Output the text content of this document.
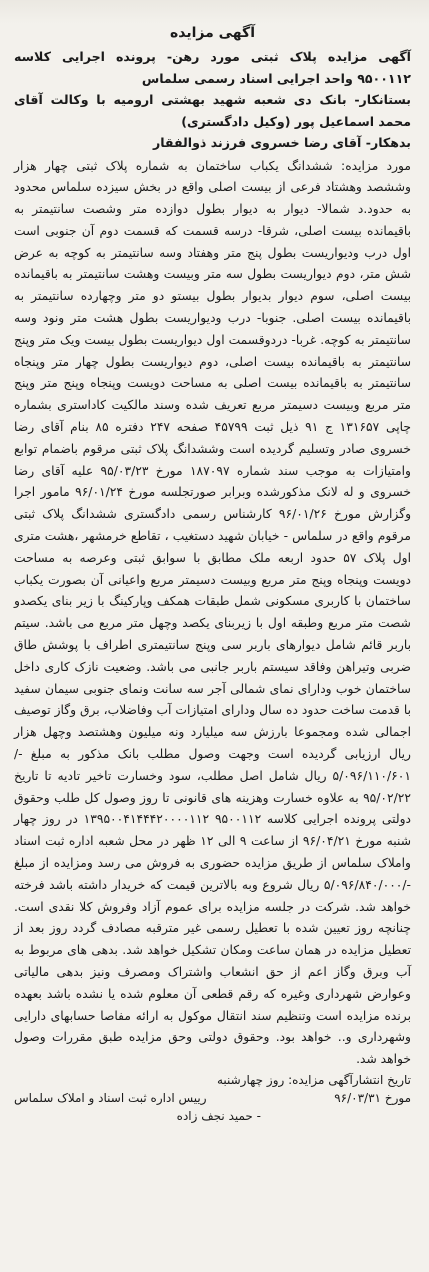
آگهی مزایده
آگهی مزایده پلاک ثبتی مورد رهن- پرونده اجرایی کلاسه ۹۵۰۰۱۱۲ واحد اجرایی اسناد رسمی سلماس
بستانکار- بانک دی شعبه شهید بهشتی ارومیه با وکالت آقای محمد اسماعیل پور (وکیل دادگستری)
بدهکار- آقای رضا خسروی فرزند ذوالفقار
مورد مزایده: ششدانگ یکباب ساختمان به شماره پلاک ثبتی چهار هزار وششصد وهشتاد فرعی از بیست اصلی واقع در بخش سیزده سلماس محدود به حدود.د شمالا- دیوار به دیوار بطول دوازده متر وشصت سانتیمتر به باقیمانده بیست اصلی، شرقا- درسه قسمت که قسمت دوم آن جنوبی است اول درب ودیواریست بطول پنج متر وهفتاد وسه سانتیمتر به کوچه به عرض شش متر، دوم دیواریست بطول سه متر وبیست وهشت سانتیمتر به باقیمانده بیست اصلی، سوم دیوار بدیوار بطول بیستو دو متر وچهارده سانتیمتر به باقیمانده بیست اصلی. جنوبا- درب ودیواریست بطول هشت متر ونود وسه سانتیمتر به کوچه. غربا- دردوقسمت اول دیواریست بطول بیست ویک متر وپنج سانتیمتر به باقیمانده بیست اصلی، دوم دیواریست بطول چهار متر وپنجاه سانتیمتر به باقیمانده بیست اصلی به مساحت دویست وپنجاه وپنج متر وپنج متر مربع وبیست دسیمتر مربع تعریف شده وسند مالکیت کاداستری بشماره چاپی ۱۳۱۶۵۷ ج ۹۱ ذیل ثبت ۴۵۷۹۹ صفحه ۲۴۷ دفتره ۸۵ بنام آقای رضا خسروی صادر وتسلیم گردیده است وششدانگ پلاک ثبتی مرقوم باضمام توابع وامتیازات به موجب سند شماره ۱۸۷۰۹۷ مورخ ۹۵/۰۳/۲۳ علیه آقای رضا خسروی و له لانک مذکورشده وبرابر صورتجلسه مورخ ۹۶/۰۱/۲۴ مامور اجرا وگزارش مورخ ۹۶/۰۱/۲۶ کارشناس رسمی دادگستری ششدانگ پلاک ثبتی مرقوم واقع در سلماس - خیابان شهید دستغیب ، تقاطع خرمشهر ،هشت متری اول پلاک ۵۷ حدود اربعه ملک مطابق با سوابق ثبتی وعرصه به مساحت دویست وپنجاه وپنج متر مربع وبیست دسیمتر مربع واعیانی آن بصورت یکباب ساختمان با کاربری مسکونی شمل طبقات همکف وپارکینگ با زیر بنای یکصدو شصت متر مربع وطبقه اول با زیربنای یکصد وچهل متر مربع می باشد. سیتم باربر قائم شامل دیوارهای باربر سی وپنج سانتیمتری اطراف با پوشش طاق ضربی وتیراهن وفاقد سیستم باربر جانبی می باشد. وضعیت نازک کاری داخل ساختمان خوب ودارای نمای شمالی آجر سه سانت ونمای جنوبی سیمان سفید با قدمت ساخت حدود ده سال ودارای امتیازات آب وفاضلاب، برق وگاز توصیف اجمالی شده ومجموعا بارزش سه میلیارد ونه میلیون وهشتصد وچهل هزار ریال ارزیابی گردیده است وجهت وصول مطلب بانک مذکور به مبلغ -/۵/۰۹۶/۱۱۰/۶۰۱ ریال شامل اصل مطلب، سود وخسارت تاخیر تادیه تا تاریخ ۹۵/۰۲/۲۲ به علاوه خسارت وهزینه های قانونی تا روز وصول کل طلب وحقوق دولتی پرونده اجرایی کلاسه ۹۵۰۰۱۱۲ ۱۳۹۵۰۰۴۱۴۴۴۲۰۰۰۰۱۱۲ در روز چهار شنبه مورخ ۹۶/۰۴/۲۱ از ساعت ۹ الی ۱۲ ظهر در محل شعبه اداره ثبت اسناد واملاک سلماس از طریق مزایده حضوری به فروش می رسد ومزایده از مبلغ -/۵/۰۹۶/۸۴۰/۰۰۰ ریال شروع وبه بالاترین قیمت که خریدار داشته باشد فرخته خواهد شد. شرکت در جلسه مزایده برای عموم آزاد وفروش کلا نقدی است. چنانچه روز تعیین شده با تعطیل رسمی غیر مترقبه مصادف گردد روز بعد از تعطیل مزایده در همان ساعت ومکان تشکیل خواهد شد. بدهی های مربوط به آب وبرق وگاز اعم از حق انشعاب واشتراک ومصرف ونیز بدهی مالیاتی وعوارض شهرداری وغیره که رقم قطعی آن معلوم شده یا نشده باشد بعهده برنده مزایده است وتنظیم سند انتقال موکول به ارائه مفاصا حسابهای دارایی وشهرداری و.. خواهد بود. وحقوق دولتی وحق مزایده طبق مقررات وصول خواهد شد.
تاریخ انتشارآگهی مزایده: روز چهارشنبه
مورخ ۹۶/۰۳/۳۱
رییس اداره ثبت اسناد و املاک سلماس
- حمید نجف زاده
